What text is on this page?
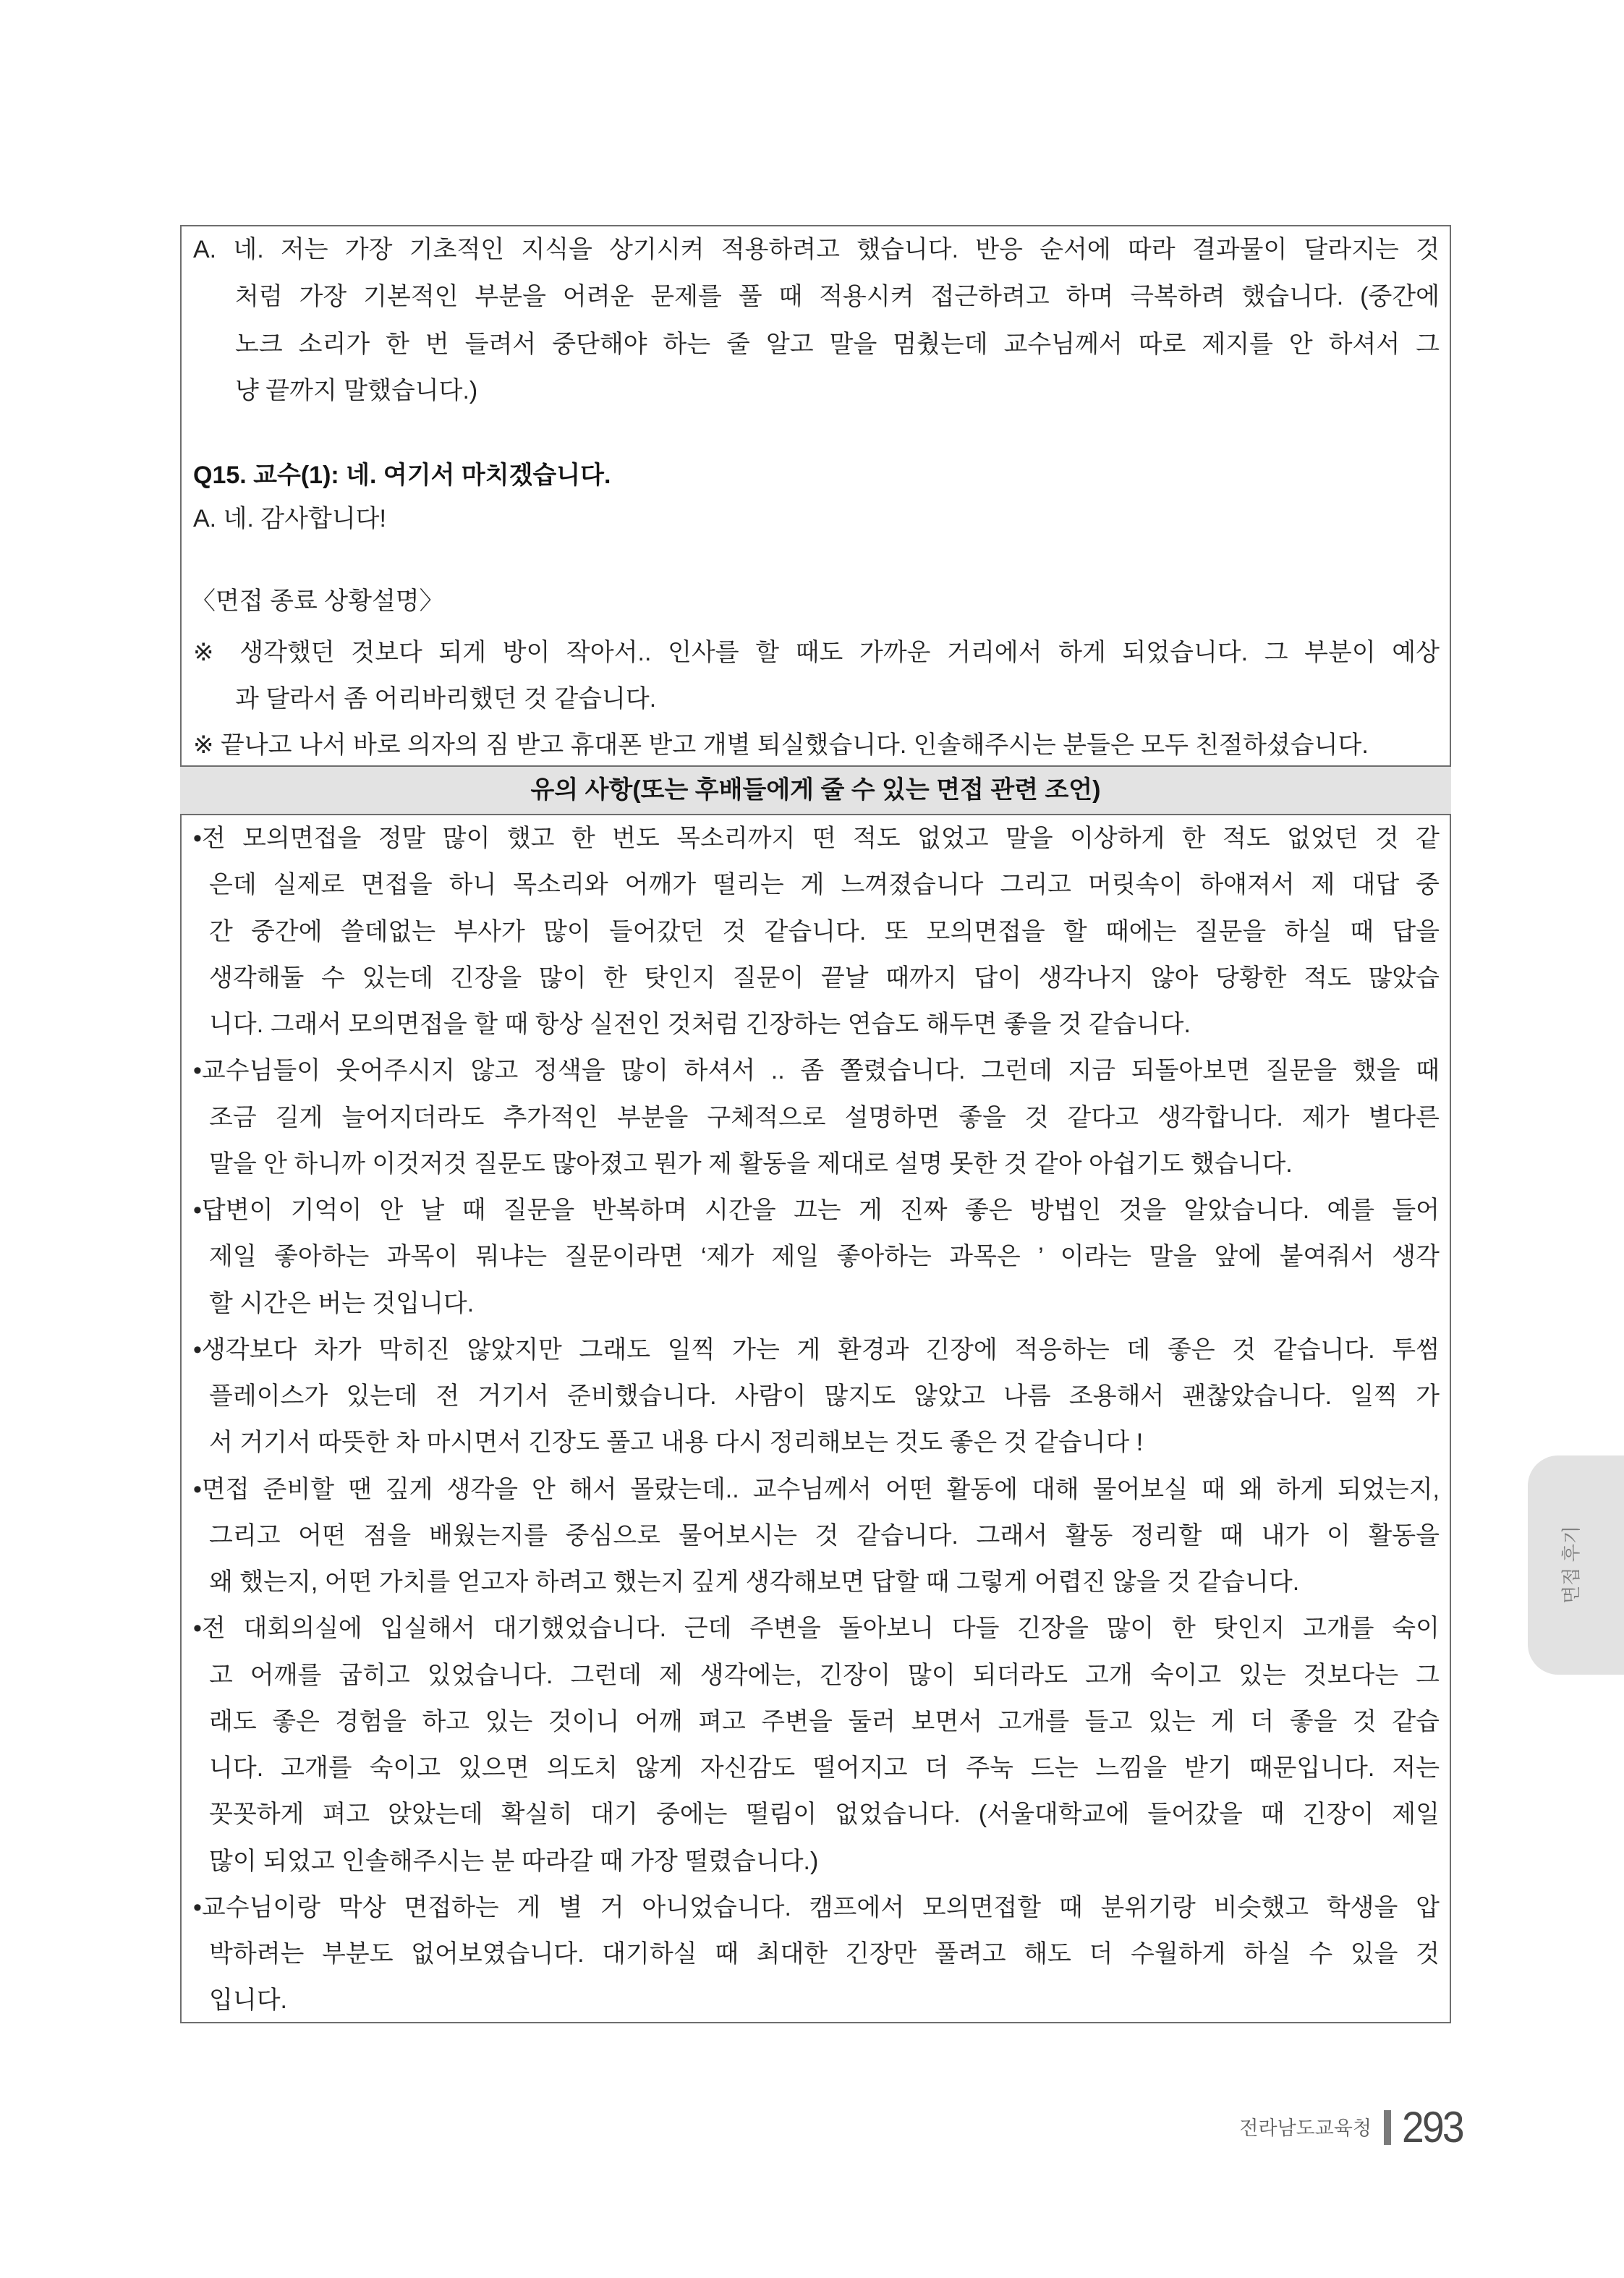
A. 네. 저는 가장 기초적인 지식을 상기시켜 적용하려고 했습니다. 반응 순서에 따라 결과물이 달라지는 것
처럼 가장 기본적인 부분을 어려운 문제를 풀 때 적용시켜 접근하려고 하며 극복하려 했습니다. (중간에
노크 소리가 한 번 들려서 중단해야 하는 줄 알고 말을 멈췄는데 교수님께서 따로 제지를 안 하셔서 그
냥 끝까지 말했습니다.)
Q15. 교수(1): 네. 여기서 마치겠습니다.
A. 네. 감사합니다!
〈면접 종료 상황설명〉
※ 생각했던 것보다 되게 방이 작아서.. 인사를 할 때도 가까운 거리에서 하게 되었습니다. 그 부분이 예상
과 달라서 좀 어리바리했던 것 같습니다.
※ 끝나고 나서 바로 의자의 짐 받고 휴대폰 받고 개별 퇴실했습니다. 인솔해주시는 분들은 모두 친절하셨습니다.
유의 사항(또는 후배들에게 줄 수 있는 면접 관련 조언)
•전 모의면접을 정말 많이 했고 한 번도 목소리까지 떤 적도 없었고 말을 이상하게 한 적도 없었던 것 같
은데 실제로 면접을 하니 목소리와 어깨가 떨리는 게 느껴졌습니다 그리고 머릿속이 하얘져서 제 대답 중
간 중간에 쓸데없는 부사가 많이 들어갔던 것 같습니다. 또 모의면접을 할 때에는 질문을 하실 때 답을
생각해둘 수 있는데 긴장을 많이 한 탓인지 질문이 끝날 때까지 답이 생각나지 않아 당황한 적도 많았습
니다. 그래서 모의면접을 할 때 항상 실전인 것처럼 긴장하는 연습도 해두면 좋을 것 같습니다.
•교수님들이 웃어주시지 않고 정색을 많이 하셔서 .. 좀 쫄렸습니다. 그런데 지금 되돌아보면 질문을 했을 때
조금 길게 늘어지더라도 추가적인 부분을 구체적으로 설명하면 좋을 것 같다고 생각합니다. 제가 별다른
말을 안 하니까 이것저것 질문도 많아졌고 뭔가 제 활동을 제대로 설명 못한 것 같아 아쉽기도 했습니다.
•답변이 기억이 안 날 때 질문을 반복하며 시간을 끄는 게 진짜 좋은 방법인 것을 알았습니다. 예를 들어
제일 좋아하는 과목이 뭐냐는 질문이라면 ‘제가 제일 좋아하는 과목은 ’ 이라는 말을 앞에 붙여줘서 생각
할 시간은 버는 것입니다.
•생각보다 차가 막히진 않았지만 그래도 일찍 가는 게 환경과 긴장에 적응하는 데 좋은 것 같습니다. 투썸
플레이스가 있는데 전 거기서 준비했습니다. 사람이 많지도 않았고 나름 조용해서 괜찮았습니다. 일찍 가
서 거기서 따뜻한 차 마시면서 긴장도 풀고 내용 다시 정리해보는 것도 좋은 것 같습니다 !
•면접 준비할 땐 깊게 생각을 안 해서 몰랐는데.. 교수님께서 어떤 활동에 대해 물어보실 때 왜 하게 되었는지,
그리고 어떤 점을 배웠는지를 중심으로 물어보시는 것 같습니다. 그래서 활동 정리할 때 내가 이 활동을
왜 했는지, 어떤 가치를 얻고자 하려고 했는지 깊게 생각해보면 답할 때 그렇게 어렵진 않을 것 같습니다.
•전 대회의실에 입실해서 대기했었습니다. 근데 주변을 돌아보니 다들 긴장을 많이 한 탓인지 고개를 숙이
고 어깨를 굽히고 있었습니다. 그런데 제 생각에는, 긴장이 많이 되더라도 고개 숙이고 있는 것보다는 그
래도 좋은 경험을 하고 있는 것이니 어깨 펴고 주변을 둘러 보면서 고개를 들고 있는 게 더 좋을 것 같습
니다. 고개를 숙이고 있으면 의도치 않게 자신감도 떨어지고 더 주눅 드는 느낌을 받기 때문입니다. 저는
꼿꼿하게 펴고 앉았는데 확실히 대기 중에는 떨림이 없었습니다. (서울대학교에 들어갔을 때 긴장이 제일
많이 되었고 인솔해주시는 분 따라갈 때 가장 떨렸습니다.)
•교수님이랑 막상 면접하는 게 별 거 아니었습니다. 캠프에서 모의면접할 때 분위기랑 비슷했고 학생을 압
박하려는 부분도 없어보였습니다. 대기하실 때 최대한 긴장만 풀려고 해도 더 수월하게 하실 수 있을 것
입니다.
면접 후기
전라남도교육청 293
